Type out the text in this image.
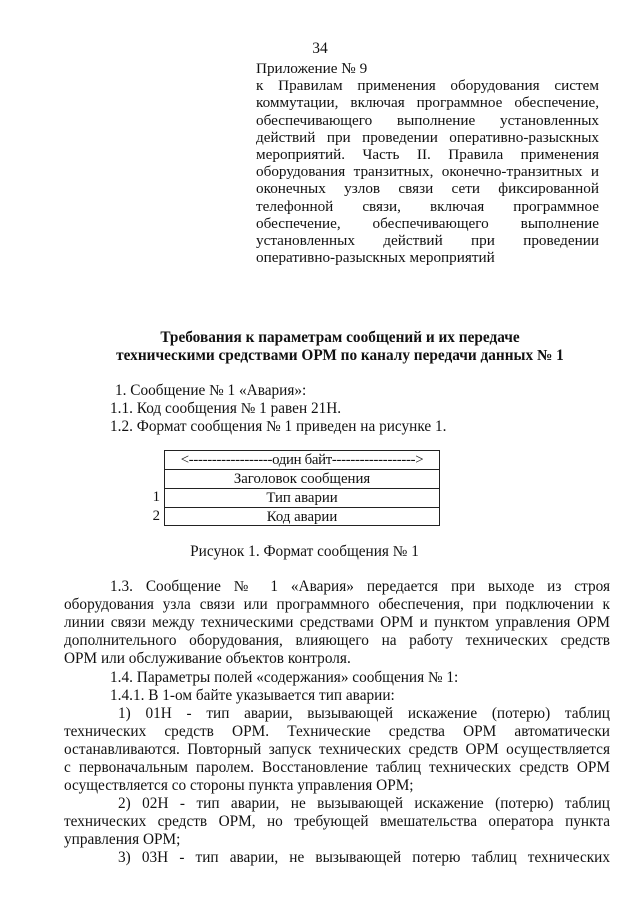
34
Приложение № 9
к Правилам применения оборудования систем
коммутации, включая программное обеспечение,
обеспечивающего выполнение установленных
действий при проведении оперативно-разыскных
мероприятий. Часть II. Правила применения
оборудования транзитных, оконечно-транзитных и
оконечных узлов связи сети фиксированной
телефонной связи, включая программное
обеспечение, обеспечивающего выполнение
установленных действий при проведении
оперативно-разыскных мероприятий
Требования к параметрам сообщений и их передаче
техническими средствами ОРМ по каналу передачи данных № 1
1. Сообщение № 1 «Авария»:
1.1. Код сообщения № 1 равен 21H.
1.2. Формат сообщения № 1 приведен на рисунке 1.
<------------------один байт------------------>
Заголовок сообщения
1	Тип аварии
2	Код аварии
Рисунок 1. Формат сообщения № 1
1.3. Сообщение № 1 «Авария» передается при выходе из строя
оборудования узла связи или программного обеспечения, при подключении к
линии связи между техническими средствами ОРМ и пунктом управления ОРМ
дополнительного оборудования, влияющего на работу технических средств
ОРМ или обслуживание объектов контроля.
1.4. Параметры полей «содержания» сообщения № 1:
1.4.1. В 1-ом байте указывается тип аварии:
1) 01H - тип аварии, вызывающей искажение (потерю) таблиц
технических средств ОРМ. Технические средства ОРМ автоматически
останавливаются. Повторный запуск технических средств ОРМ осуществляется
с первоначальным паролем. Восстановление таблиц технических средств ОРМ
осуществляется со стороны пункта управления ОРМ;
2) 02H - тип аварии, не вызывающей искажение (потерю) таблиц
технических средств ОРМ, но требующей вмешательства оператора пункта
управления ОРМ;
3) 03H - тип аварии, не вызывающей потерю таблиц технических
